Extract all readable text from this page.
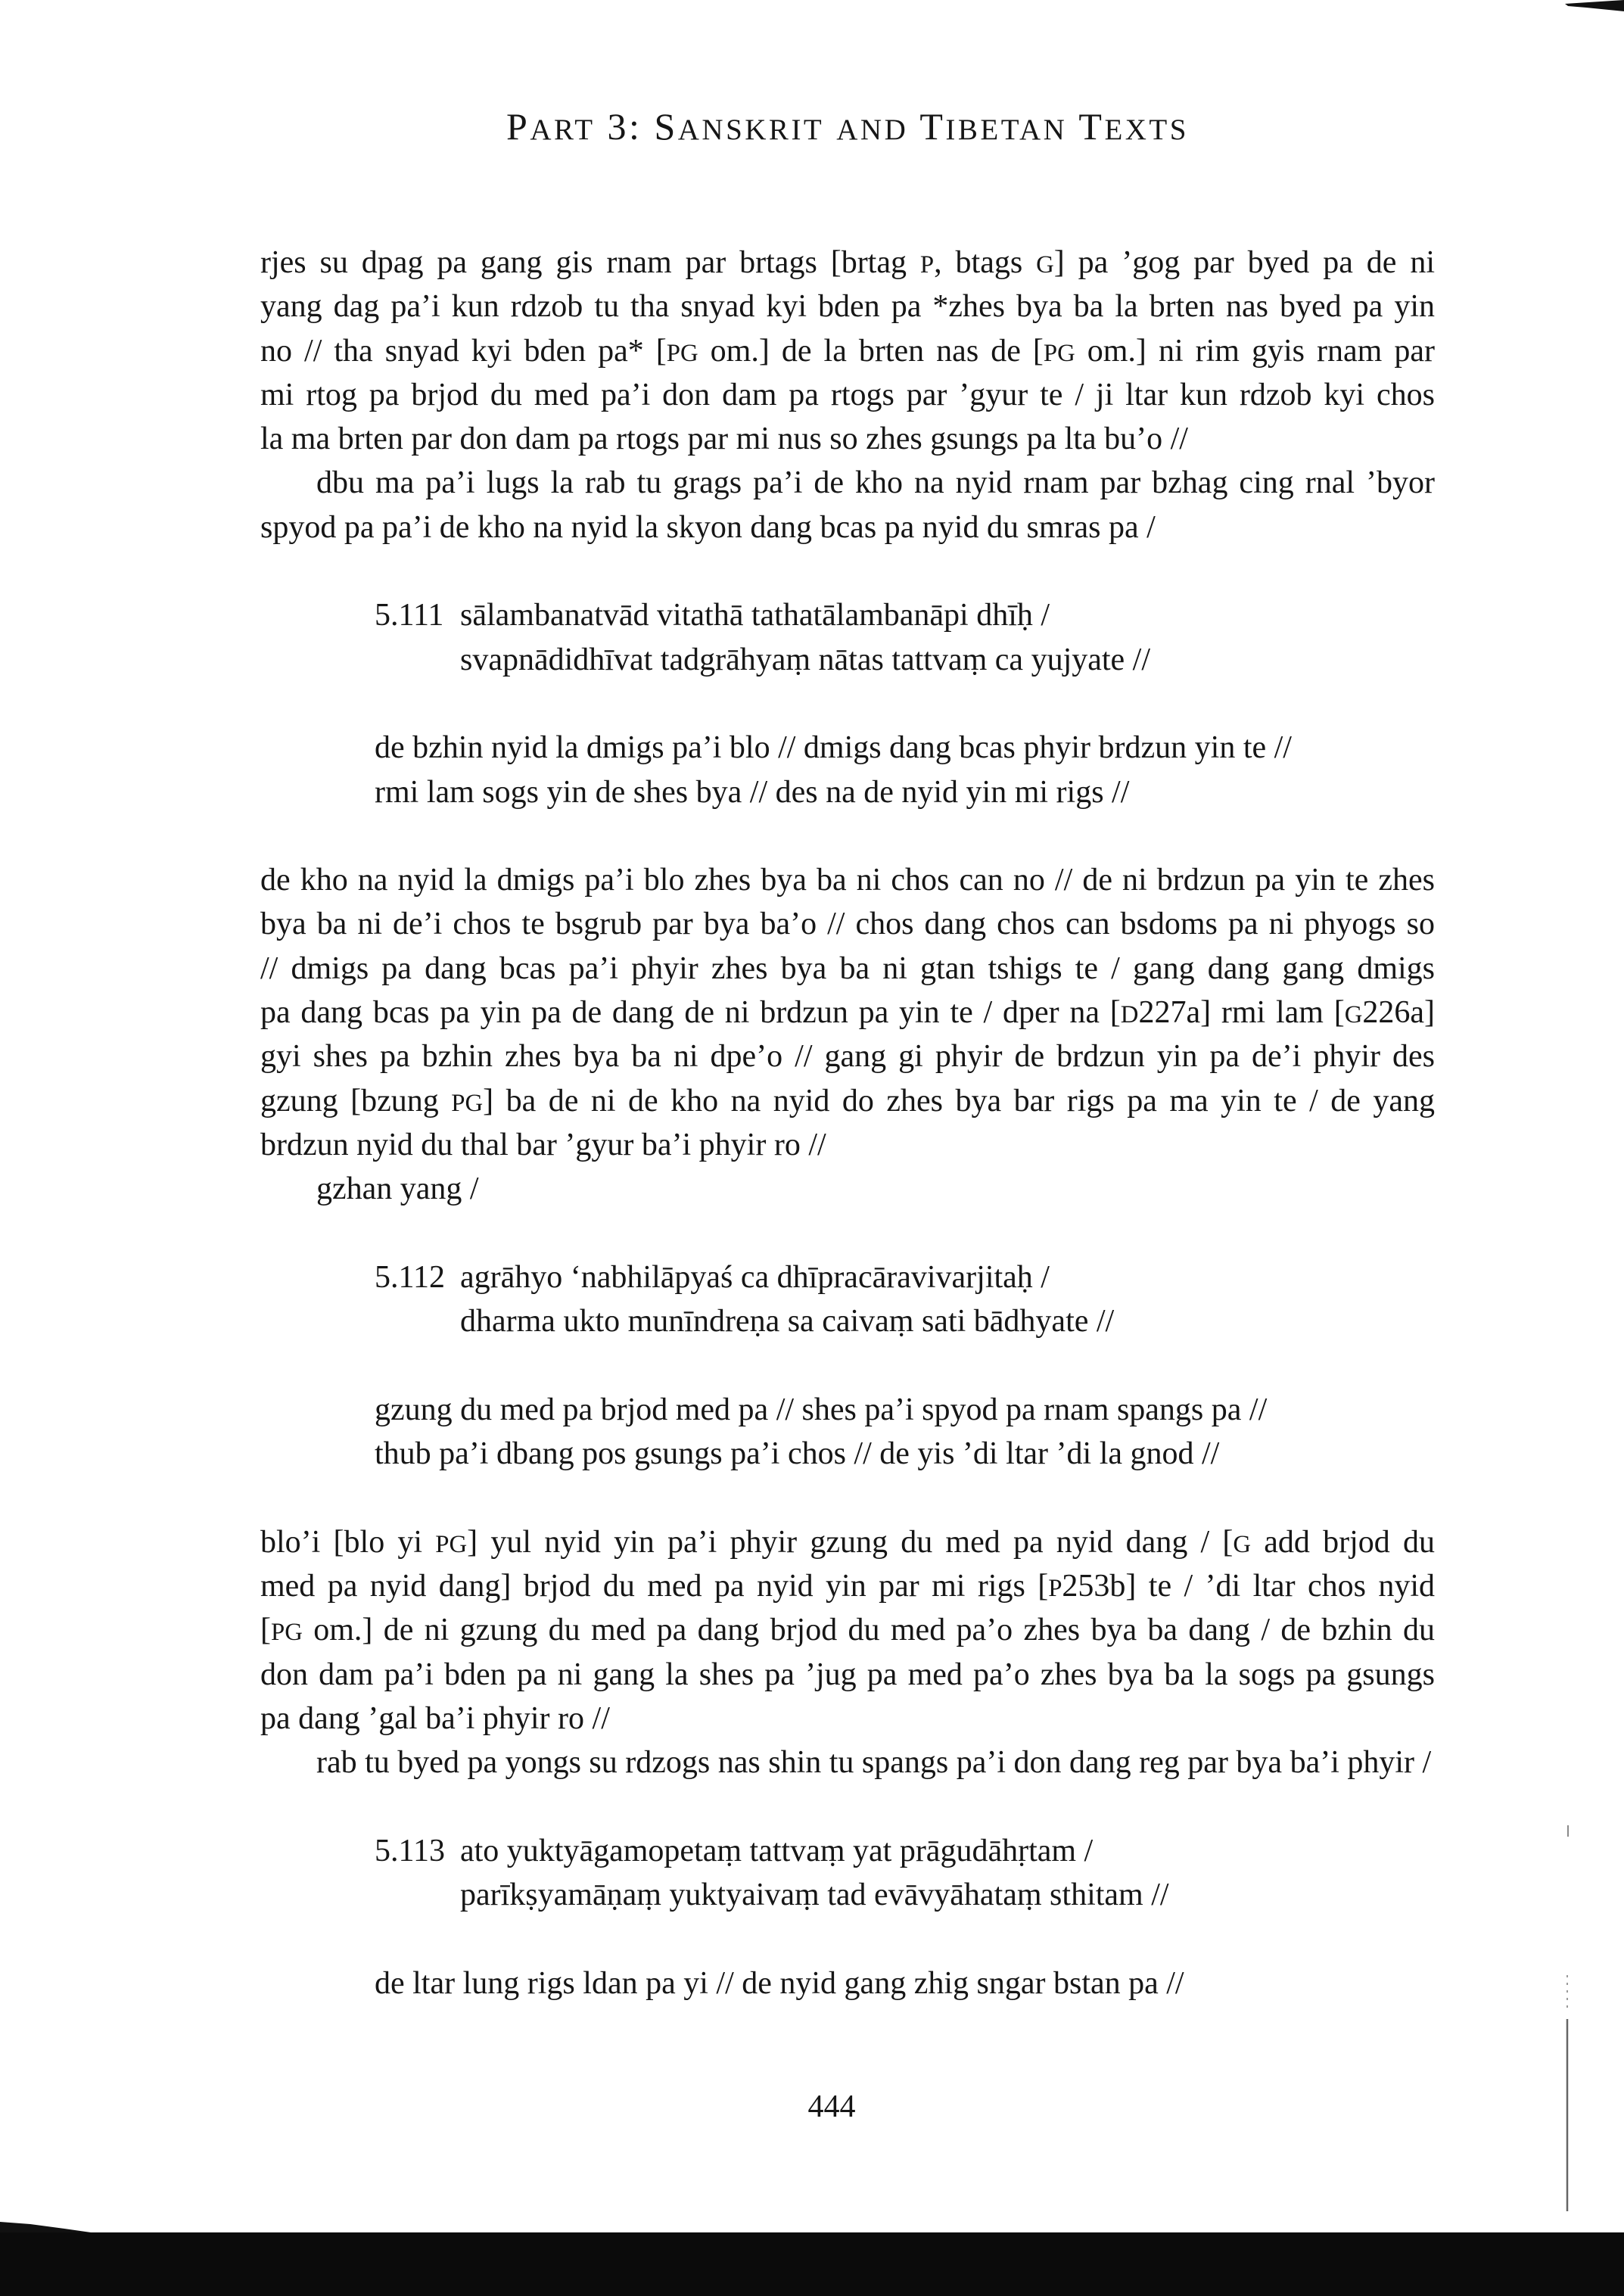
PART 3: SANSKRIT AND TIBETAN TEXTS
rjes su dpag pa gang gis rnam par brtags [brtag P, btags G] pa ’gog par byed pa de ni
yang dag pa’i kun rdzob tu tha snyad kyi bden pa *zhes bya ba la brten nas byed pa yin
no // tha snyad kyi bden pa* [PG om.] de la brten nas de [PG om.] ni rim gyis rnam par
mi rtog pa brjod du med pa’i don dam pa rtogs par ’gyur te / ji ltar kun rdzob kyi chos
la ma brten par don dam pa rtogs par mi nus so zhes gsungs pa lta bu’o //
dbu ma pa’i lugs la rab tu grags pa’i de kho na nyid rnam par bzhag cing rnal ’byor
spyod pa pa’i de kho na nyid la skyon dang bcas pa nyid du smras pa /
5.111 sālambanatvād vitathā tathatālambanāpi dhīḥ /
svapnādidhīvat tadgrāhyaṃ nātas tattvaṃ ca yujyate //
de bzhin nyid la dmigs pa’i blo // dmigs dang bcas phyir brdzun yin te //
rmi lam sogs yin de shes bya // des na de nyid yin mi rigs //
de kho na nyid la dmigs pa’i blo zhes bya ba ni chos can no // de ni brdzun pa yin te zhes
bya ba ni de’i chos te bsgrub par bya ba’o // chos dang chos can bsdoms pa ni phyogs so
// dmigs pa dang bcas pa’i phyir zhes bya ba ni gtan tshigs te / gang dang gang dmigs
pa dang bcas pa yin pa de dang de ni brdzun pa yin te / dper na [D227a] rmi lam [G226a]
gyi shes pa bzhin zhes bya ba ni dpe’o // gang gi phyir de brdzun yin pa de’i phyir des
gzung [bzung PG] ba de ni de kho na nyid do zhes bya bar rigs pa ma yin te / de yang
brdzun nyid du thal bar ’gyur ba’i phyir ro //
gzhan yang /
5.112 agrāhyo ‘nabhilāpyaś ca dhīpracāravivarjitaḥ /
dharma ukto munīndreṇa sa caivaṃ sati bādhyate //
gzung du med pa brjod med pa // shes pa’i spyod pa rnam spangs pa //
thub pa’i dbang pos gsungs pa’i chos // de yis ’di ltar ’di la gnod //
blo’i [blo yi PG] yul nyid yin pa’i phyir gzung du med pa nyid dang / [G add brjod du
med pa nyid dang] brjod du med pa nyid yin par mi rigs [P253b] te / ’di ltar chos nyid
[PG om.] de ni gzung du med pa dang brjod du med pa’o zhes bya ba dang / de bzhin du
don dam pa’i bden pa ni gang la shes pa ’jug pa med pa’o zhes bya ba la sogs pa gsungs
pa dang ’gal ba’i phyir ro //
rab tu byed pa yongs su rdzogs nas shin tu spangs pa’i don dang reg par bya ba’i phyir /
5.113 ato yuktyāgamopetaṃ tattvaṃ yat prāgudāhṛtam /
parīkṣyamāṇaṃ yuktyaivaṃ tad evāvyāhataṃ sthitam //
de ltar lung rigs ldan pa yi // de nyid gang zhig sngar bstan pa //
444
